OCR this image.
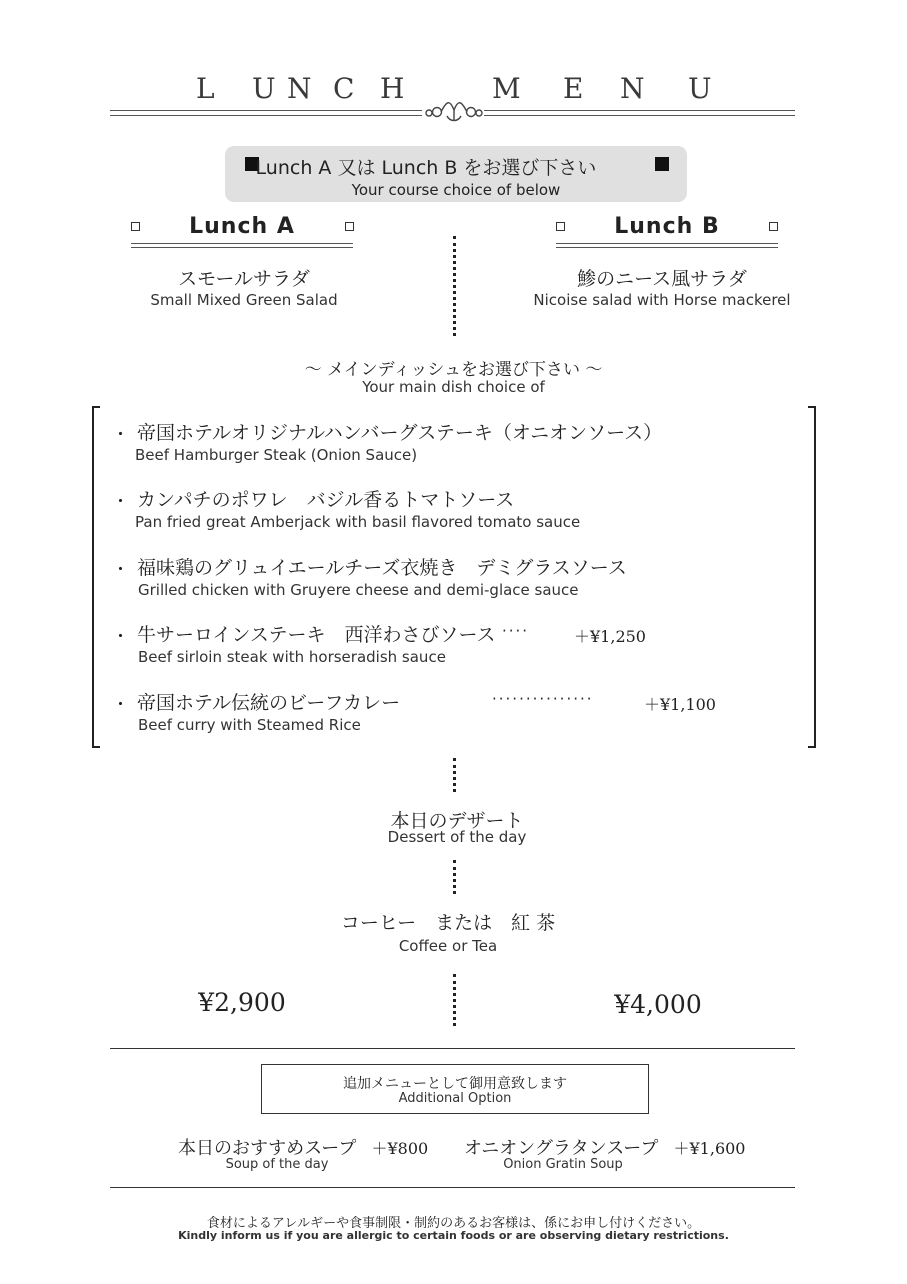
L U N C H	M E N U
Lunch A 又は Lunch B をお選び下さい
Your course choice of below
Lunch A	Lunch B
スモールサラダ
Small Mixed Green Salad
鯵のニース風サラダ
Nicoise salad with Horse mackerel
～ メインディッシュをお選び下さい ～
Your main dish choice of
・ 帝国ホテルオリジナルハンバーグステーキ（オニオンソース）
Beef Hamburger Steak (Onion Sauce)
・ カンパチのポワレ　バジル香るトマトソース
Pan fried great Amberjack with basil flavored tomato sauce
・ 福味鶏のグリュイエールチーズ衣焼き　デミグラスソース
Grilled chicken with Gruyere cheese and demi-glace sauce
・ 牛サーロインステーキ　西洋わさびソース ····	＋¥1,250
Beef sirloin steak with horseradish sauce
・ 帝国ホテル伝統のビーフカレー	···············	＋¥1,100
Beef curry with Steamed Rice
本日のデザート
Dessert of the day
コーヒー　または　紅 茶
Coffee or Tea
¥2,900	¥4,000
追加メニューとして御用意致します
Additional Option
本日のおすすめスープ ＋¥800
Soup of the day
オニオングラタンスープ ＋¥1,600
Onion Gratin Soup
食材によるアレルギーや食事制限・制約のあるお客様は、係にお申し付けください。
Kindly inform us if you are allergic to certain foods or are observing dietary restrictions.
